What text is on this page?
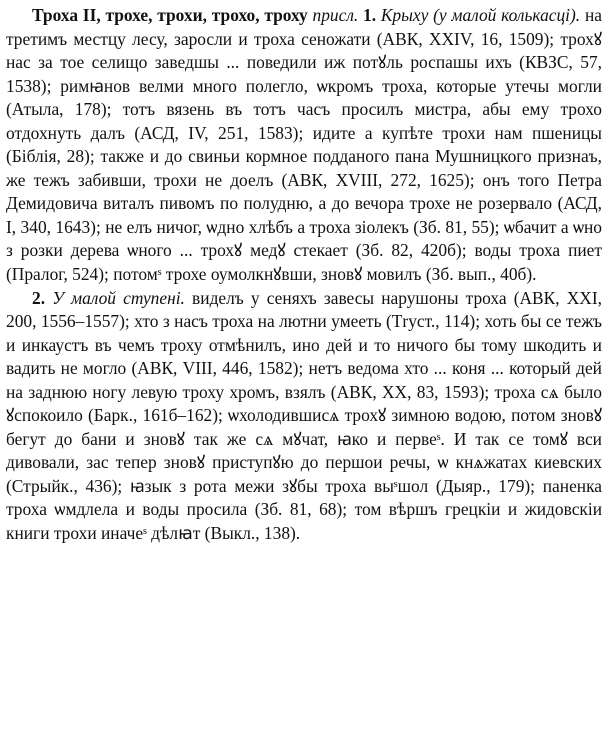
Троха II, трохе, трохи, трохо, троху присл. 1. Крыху (у малой колькасці). на третимъ местцу лесу, заросли и троха сеножати (АВК, XXIV, 16, 1509); трохꙋ нас за тое селищо заведшы ... поведили иж потꙋль роспашы ихъ (КВЗС, 57, 1538); римꙗнов велми много полегло, ѡкромъ троха, которые утечы могли (Атыла, 178); тотъ вязень въ тотъ часъ просилъ мистра, абы ему трохо отдохнуть далъ (АСД, IV, 251, 1583); идите а купѣте трохи нам пшеницы (Біблія, 28); также и до свиньи кормное подданого пана Мушницкого признаъ, же тежъ забивши, трохи не доелъ (АВК, XVIII, 272, 1625); онъ того Петра Демидовича виталъ пивомъ по полудню, а до вечора трохе не розервало (АСД, I, 340, 1643); не елъ ничог, ѡдно хлѣбъ а троха зiолекъ (Зб. 81, 55); ѡбачит а ѡно з розки дерева ѡного ... трохꙋ медꙋ стекает (Зб. 82, 420б); воды троха пиет (Пралог, 524); потомˢ трохе оумолкнꙋвши, зновꙋ мовилъ (Зб. вып., 40б).

2. У малой ступені. виделъ у сеняхъ завесы нарушоны троха (АВК, XXI, 200, 1556–1557); хто з насъ троха на лютни умееть (Тryст., 114); хоть бы се тежъ и инкаустъ въ чемъ троху отмѣнилъ, ино дей и то ничого бы тому шкодить и вадить не могло (АВК, VIII, 446, 1582); нетъ ведома хто ... коня ... который дей на заднюю ногу левую троху хромъ, взялъ (АВК, XX, 83, 1593); троха сѧ было ꙋспокоило (Барк., 161б–162); ѡхолодившисѧ трохꙋ зимною водою, потом зновꙋ бегут до бани и зновꙋ так же сѧ мꙋчат, ꙗко и первеˢ. И так се томꙋ вси дивовали, зас тепер зновꙋ приступꙋю до першои речы, ѡ кнѧжатах киевских (Стрыйк., 436); ꙗзык з рота межи зꙋбы троха выˢшол (Дыяр., 179); паненка троха ѡмдлела и воды просила (Зб. 81, 68); том вѣршъ грецкiи и жидовскiи книги трохи иначеˢ дѣлꙗт (Выкл., 138).
